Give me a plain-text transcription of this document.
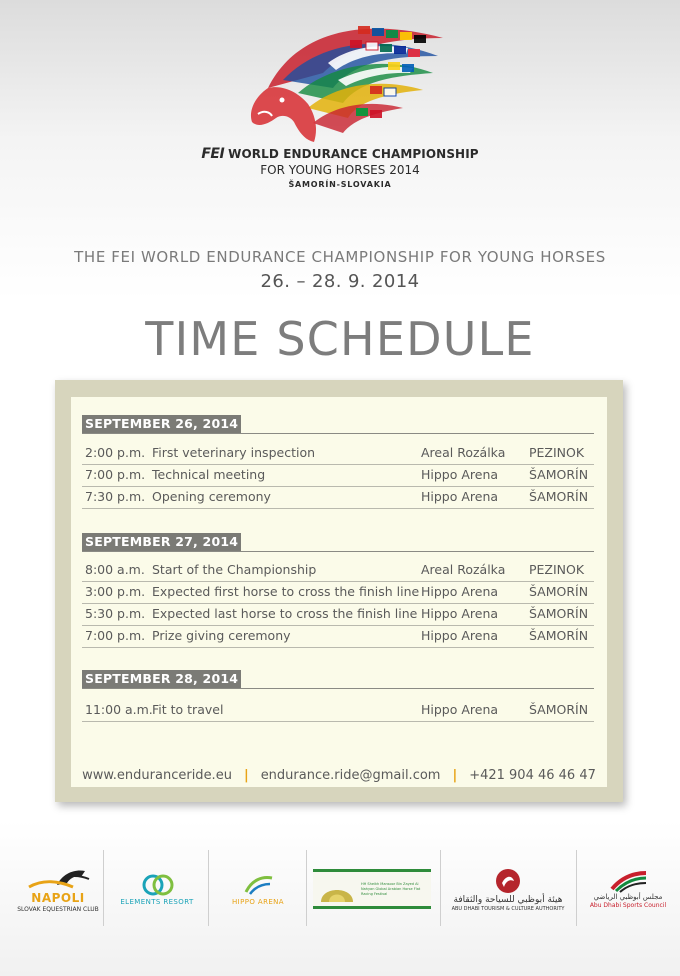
FEI WORLD ENDURANCE CHAMPIONSHIP
FOR YOUNG HORSES 2014
ŠAMORÍN-SLOVAKIA
THE FEI WORLD ENDURANCE CHAMPIONSHIP FOR YOUNG HORSES
26. – 28. 9. 2014
TIME SCHEDULE
SEPTEMBER 26, 2014
2:00 p.m. First veterinary inspection	Areal Rozálka PEZINOK
7:00 p.m. Technical meeting	Hippo Arena ŠAMORÍN
7:30 p.m. Opening ceremony	Hippo Arena ŠAMORÍN
SEPTEMBER 27, 2014
8:00 a.m. Start of the Championship	Areal Rozálka PEZINOK
3:00 p.m. Expected first horse to cross the finish line Hippo Arena ŠAMORÍN
5:30 p.m. Expected last horse to cross the finish line Hippo Arena ŠAMORÍN
7:00 p.m. Prize giving ceremony	Hippo Arena ŠAMORÍN
SEPTEMBER 28, 2014
11:00 a.m. Fit to travel	Hippo Arena ŠAMORÍN
www.enduranceride.eu | endurance.ride@gmail.com | +421 904 46 46 47
NAPOLI
SLOVAK EQUESTRIAN CLUB
ELEMENTS RESORT	HIPPO ARENA
HH Sheikh Mansoor Bin Zayed Al Nahyan Global Arabian Horse Flat Racing Festival
هيئة أبوظبي للسياحة والثقافة
ABU DHABI TOURISM & CULTURE AUTHORITY
مجلس أبوظبي الرياضي
Abu Dhabi Sports Council
